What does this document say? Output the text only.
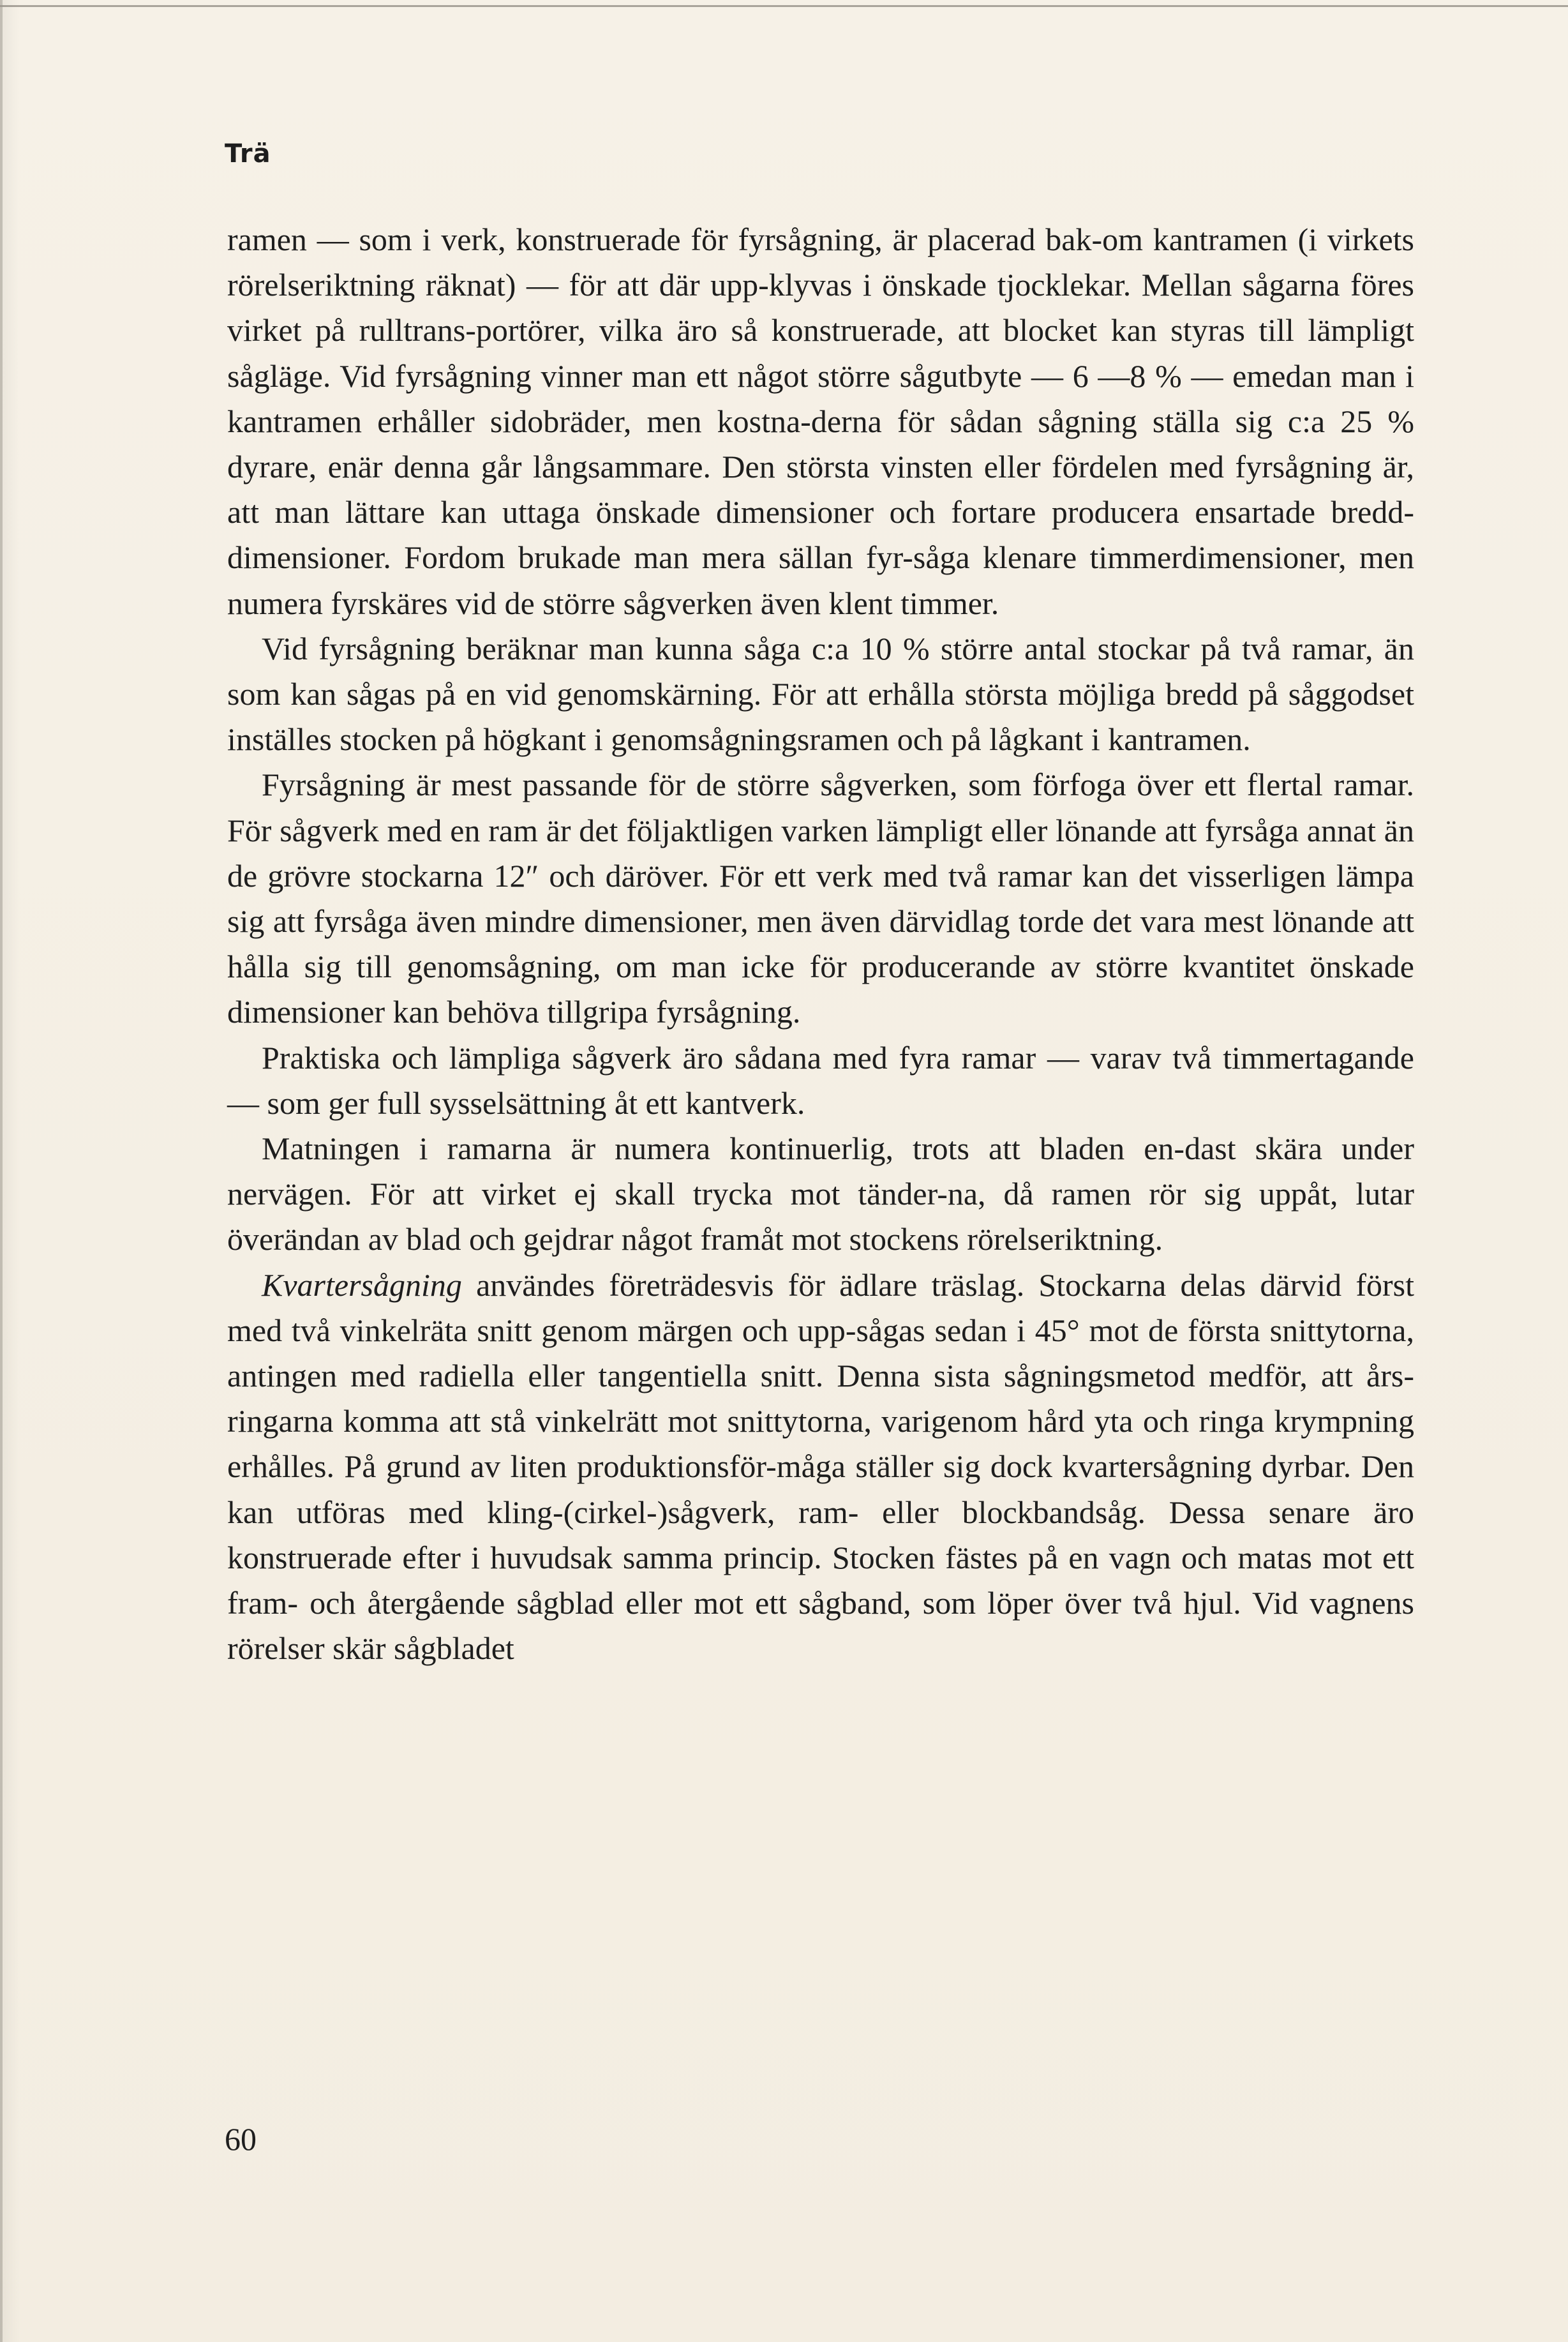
Trä

ramen — som i verk, konstruerade för fyrsågning, är placerad bak-om kantramen (i virkets rörelseriktning räknat) — för att där upp-klyvas i önskade tjocklekar. Mellan sågarna föres virket på rulltrans-portörer, vilka äro så konstruerade, att blocket kan styras till lämpligt sågläge. Vid fyrsågning vinner man ett något större sågutbyte — 6 —8 % — emedan man i kantramen erhåller sidobräder, men kostna-derna för sådan sågning ställa sig c:a 25 % dyrare, enär denna går långsammare. Den största vinsten eller fördelen med fyrsågning är, att man lättare kan uttaga önskade dimensioner och fortare producera ensartade bredd-dimensioner. Fordom brukade man mera sällan fyr-såga klenare timmerdimensioner, men numera fyrskäres vid de större sågverken även klent timmer.

Vid fyrsågning beräknar man kunna såga c:a 10 % större antal stockar på två ramar, än som kan sågas på en vid genomskärning. För att erhålla största möjliga bredd på såggodset inställes stocken på högkant i genomsågningsramen och på lågkant i kantramen.

Fyrsågning är mest passande för de större sågverken, som förfoga över ett flertal ramar. För sågverk med en ram är det följaktligen varken lämpligt eller lönande att fyrsåga annat än de grövre stockarna 12″ och däröver. För ett verk med två ramar kan det visserligen lämpa sig att fyrsåga även mindre dimensioner, men även därvidlag torde det vara mest lönande att hålla sig till genomsågning, om man icke för producerande av större kvantitet önskade dimensioner kan behöva tillgripa fyrsågning.

Praktiska och lämpliga sågverk äro sådana med fyra ramar — varav två timmertagande — som ger full sysselsättning åt ett kantverk.

Matningen i ramarna är numera kontinuerlig, trots att bladen en-dast skära under nervägen. För att virket ej skall trycka mot tänder-na, då ramen rör sig uppåt, lutar överändan av blad och gejdrar något framåt mot stockens rörelseriktning.

Kvartersågning användes företrädesvis för ädlare träslag. Stockarna delas därvid först med två vinkelräta snitt genom märgen och upp-sågas sedan i 45° mot de första snittytorna, antingen med radiella eller tangentiella snitt. Denna sista sågningsmetod medför, att års-ringarna komma att stå vinkelrätt mot snittytorna, varigenom hård yta och ringa krympning erhålles. På grund av liten produktionsför-måga ställer sig dock kvartersågning dyrbar. Den kan utföras med kling-(cirkel-)sågverk, ram- eller blockbandsåg. Dessa senare äro konstruerade efter i huvudsak samma princip. Stocken fästes på en vagn och matas mot ett fram- och återgående sågblad eller mot ett sågband, som löper över två hjul. Vid vagnens rörelser skär sågbladet

60
